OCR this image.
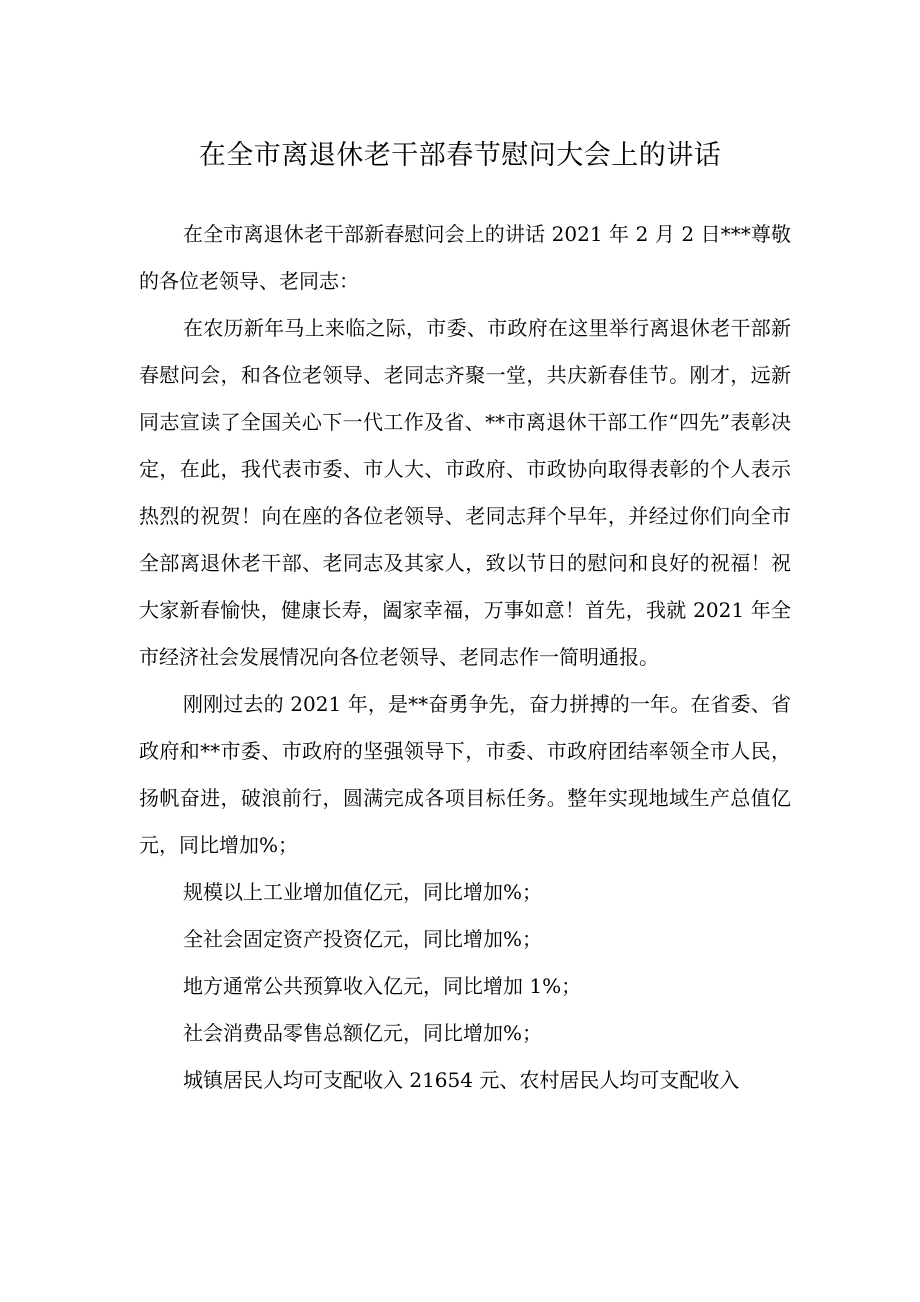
在全市离退休老干部春节慰问大会上的讲话

在全市离退休老干部新春慰问会上的讲话 2021 年 2 月 2 日***尊敬的各位老领导、老同志：

在农历新年马上来临之际，市委、市政府在这里举行离退休老干部新春慰问会，和各位老领导、老同志齐聚一堂，共庆新春佳节。刚才，远新同志宣读了全国关心下一代工作及省、**市离退休干部工作“四先”表彰决定，在此，我代表市委、市人大、市政府、市政协向取得表彰的个人表示热烈的祝贺！向在座的各位老领导、老同志拜个早年，并经过你们向全市全部离退休老干部、老同志及其家人，致以节日的慰问和良好的祝福！祝大家新春愉快，健康长寿，阖家幸福，万事如意！首先，我就 2021 年全市经济社会发展情况向各位老领导、老同志作一简明通报。

刚刚过去的 2021 年，是**奋勇争先，奋力拼搏的一年。在省委、省政府和**市委、市政府的坚强领导下，市委、市政府团结率领全市人民，扬帆奋进，破浪前行，圆满完成各项目标任务。整年实现地域生产总值亿元，同比增加%；

规模以上工业增加值亿元，同比增加%；

全社会固定资产投资亿元，同比增加%；

地方通常公共预算收入亿元，同比增加 1%；

社会消费品零售总额亿元，同比增加%；

城镇居民人均可支配收入 21654 元、农村居民人均可支配收入
